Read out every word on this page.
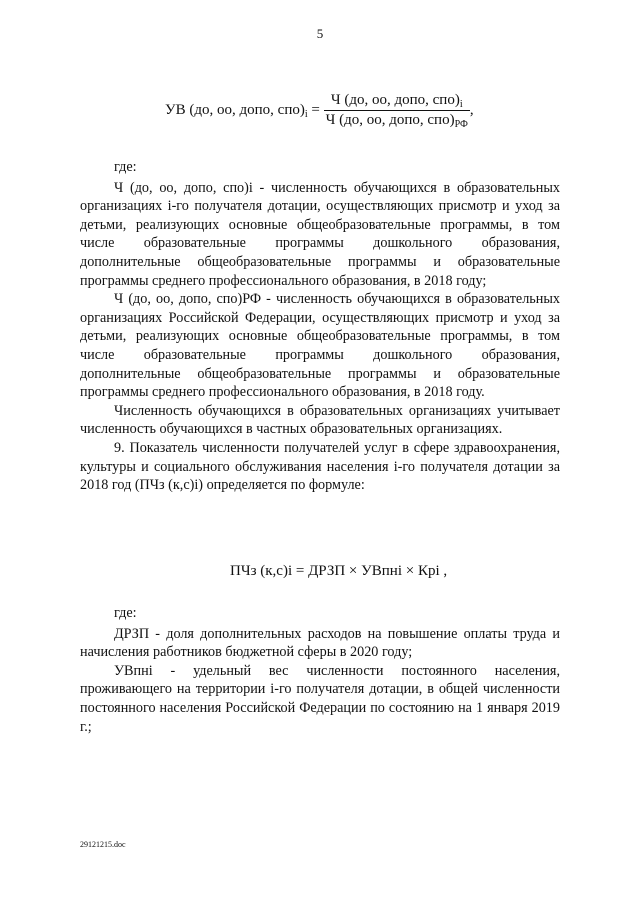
5
УВ (до, оо, допо, $спо)_i = \frac{Ч (до, оо, допо, спо)_i}{Ч (до, оо, допо, спо)_{РФ}}$ ,

где:

Ч (до, оо, допо, спо)i - численность обучающихся в образовательных организациях i-го получателя дотации, осуществляющих присмотр и уход за детьми, реализующих основные общеобразовательные программы, в том числе образовательные программы дошкольного образования, дополнительные общеобразовательные программы и образовательные программы среднего профессионального образования, в 2018 году;

Ч (до, оо, допо, спо)РФ - численность обучающихся в образовательных организациях Российской Федерации, осуществляющих присмотр и уход за детьми, реализующих основные общеобразовательные программы, в том числе образовательные программы дошкольного образования, дополнительные общеобразовательные программы и образовательные программы среднего профессионального образования, в 2018 году.

Численность обучающихся в образовательных организациях учитывает численность обучающихся в частных образовательных организациях.

9. Показатель численности получателей услуг в сфере здравоохранения, культуры и социального обслуживания населения i-го получателя дотации за 2018 год (ПЧз (к,с)i) определяется по формуле:

ПЧз (к,с)i = ДРЗП × УВпнi × Крi ,

где:

ДРЗП - доля дополнительных расходов на повышение оплаты труда и начисления работников бюджетной сферы в 2020 году;

УВпнi - удельный вес численности постоянного населения, проживающего на территории i-го получателя дотации, в общей численности постоянного населения Российской Федерации по состоянию на 1 января 2019 г.;

29121215.doc
